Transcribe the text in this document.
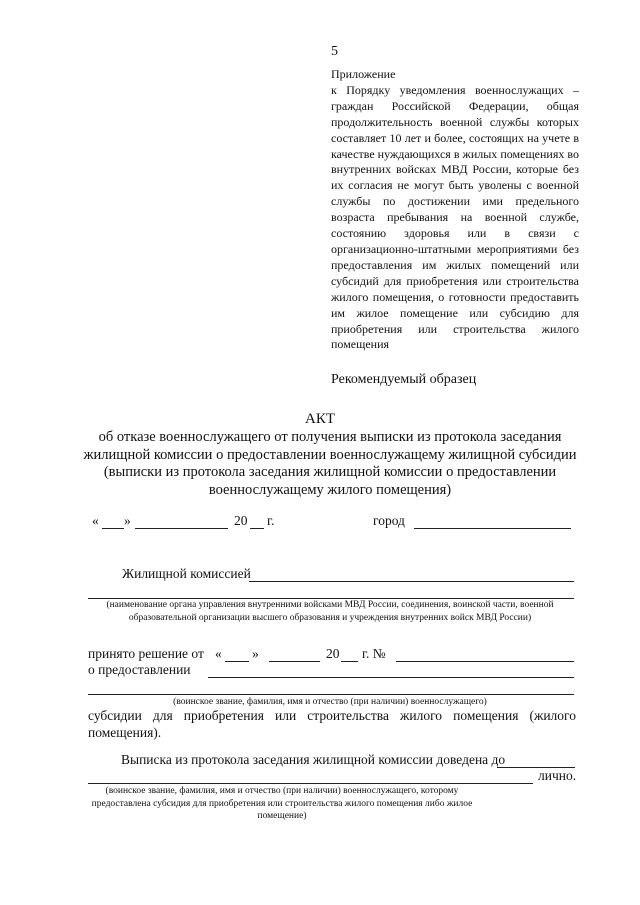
5
Приложение
к Порядку уведомления военнослужащих – граждан Российской Федерации, общая продолжительность военной службы которых составляет 10 лет и более, состоящих на учете в качестве нуждающихся в жилых помещениях во внутренних войсках МВД России, которые без их согласия не могут быть уволены с военной службы по достижении ими предельного возраста пребывания на военной службе, состоянию здоровья или в связи с организационно-штатными мероприятиями без предоставления им жилых помещений или субсидий для приобретения или строительства жилого помещения, о готовности предоставить им жилое помещение или субсидию для приобретения или строительства жилого помещения
Рекомендуемый образец
АКТ
об отказе военнослужащего от получения выписки из протокола заседания жилищной комиссии о предоставлении военнослужащему жилищной субсидии (выписки из протокола заседания жилищной комиссии о предоставлении военнослужащему жилого помещения)
« »	20 г.	город
Жилищной комиссией
(наименование органа управления внутренними войсками МВД России, соединения, воинской части, военной образовательной организации высшего образования и учреждения внутренних войск МВД России)
принято решение от « »	20 г. №
о предоставлении
(воинское звание, фамилия, имя и отчество (при наличии) военнослужащего)
субсидии для приобретения или строительства жилого помещения (жилого помещения).
Выписка из протокола заседания жилищной комиссии доведена до
лично.
(воинское звание, фамилия, имя и отчество (при наличии) военнослужащего, которому предоставлена субсидия для приобретения или строительства жилого помещения либо жилое помещение)
